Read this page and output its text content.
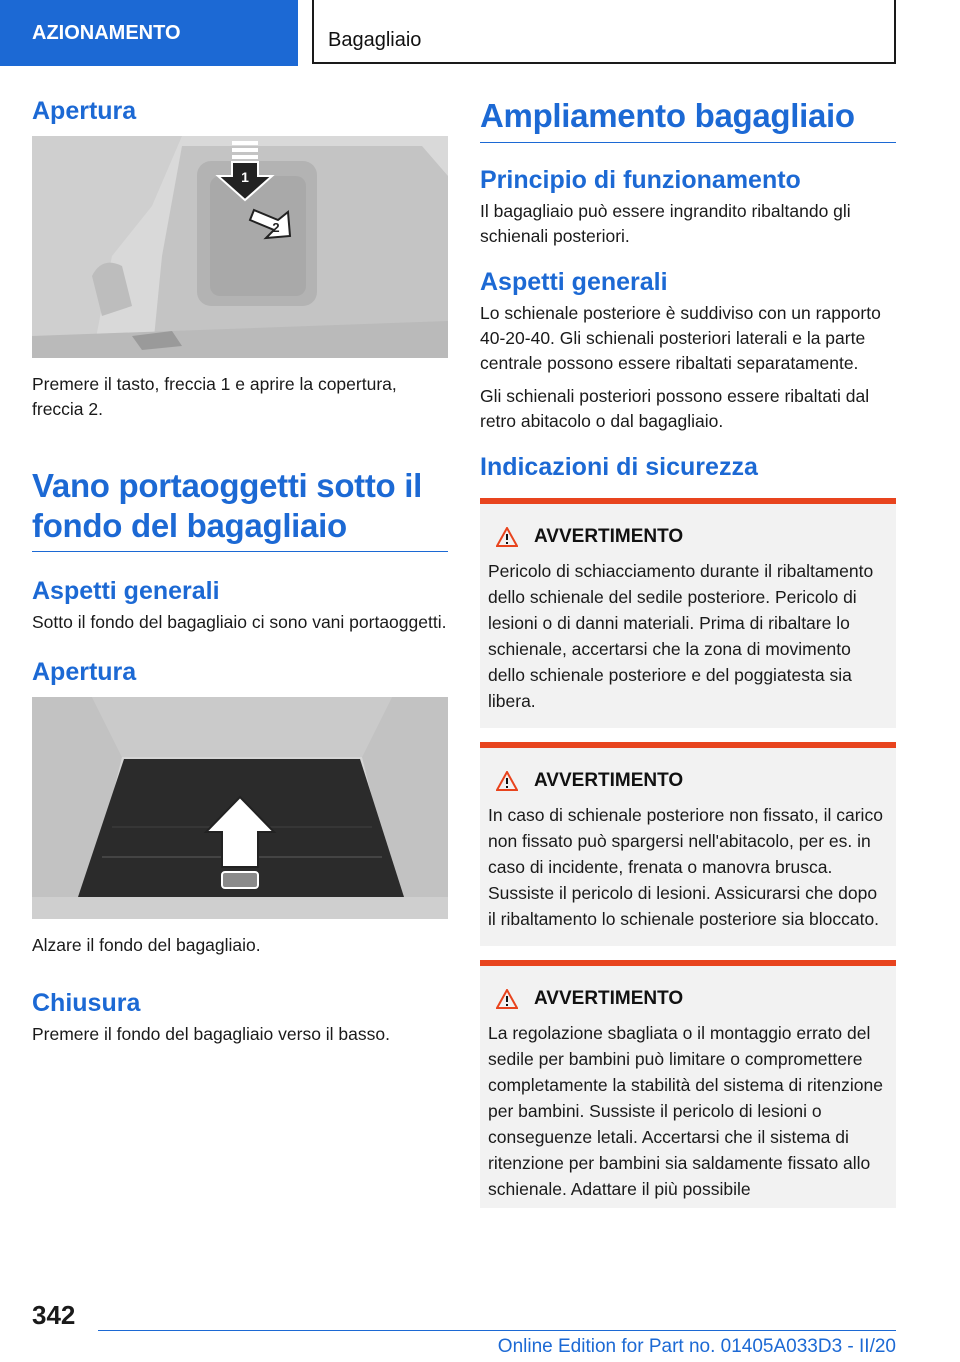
AZIONAMENTO	Bagagliaio
Apertura
1
2

Premere il tasto, freccia 1 e aprire la copertura, freccia 2.

Vano portaoggetti sotto il fondo del bagagliaio
Aspetti generali

Sotto il fondo del bagagliaio ci sono vani portaoggetti.

Apertura

Alzare il fondo del bagagliaio.

Chiusura

Premere il fondo del bagagliaio verso il basso.

Ampliamento bagagliaio
Principio di funzionamento

Il bagagliaio può essere ingrandito ribaltando gli schienali posteriori.

Aspetti generali

Lo schienale posteriore è suddiviso con un rapporto 40-20-40. Gli schienali posteriori laterali e la parte centrale possono essere ribaltati separatamente.

Gli schienali posteriori possono essere ribaltati dal retro abitacolo o dal bagagliaio.

Indicazioni di sicurezza
AVVERTIMENTO

Pericolo di schiacciamento durante il ribaltamento dello schienale del sedile posteriore. Pericolo di lesioni o di danni materiali. Prima di ribaltare lo schienale, accertarsi che la zona di movimento dello schienale posteriore e del poggiatesta sia libera.

AVVERTIMENTO

In caso di schienale posteriore non fissato, il carico non fissato può spargersi nell'abitacolo, per es. in caso di incidente, frenata o manovra brusca. Sussiste il pericolo di lesioni. Assicurarsi che dopo il ribaltamento lo schienale posteriore sia bloccato.

AVVERTIMENTO

La regolazione sbagliata o il montaggio errato del sedile per bambini può limitare o compromettere completamente la stabilità del sistema di ritenzione per bambini. Sussiste il pericolo di lesioni o conseguenze letali. Accertarsi che il sistema di ritenzione per bambini sia saldamente fissato allo schienale. Adattare il più possibile

342
Online Edition for Part no. 01405A033D3 - II/20
